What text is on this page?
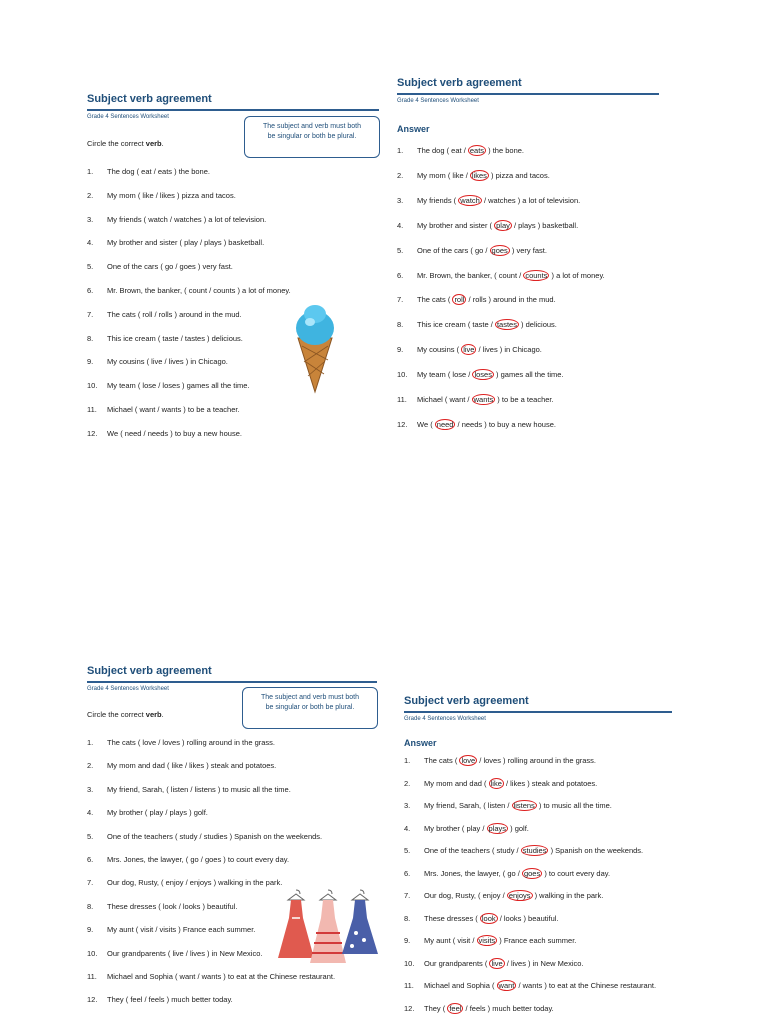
Subject verb agreement
Grade 4 Sentences Worksheet
Circle the correct verb.
The subject and verb must both
be singular or both be plural.
1. The dog ( eat / eats ) the bone.
2. My mom ( like / likes ) pizza and tacos.
3. My friends ( watch / watches ) a lot of television.
4. My brother and sister ( play / plays ) basketball.
5. One of the cars ( go / goes ) very fast.
6. Mr. Brown, the banker, ( count / counts ) a lot of money.
7. The cats ( roll / rolls ) around in the mud.
8. This ice cream ( taste / tastes ) delicious.
9. My cousins ( live / lives ) in Chicago.
10. My team ( lose / loses ) games all the time.
11. Michael ( want / wants ) to be a teacher.
12. We ( need / needs ) to buy a new house.
Subject verb agreement
Grade 4 Sentences Worksheet
Answer
1. The dog ( eat / eats ) the bone.
2. My mom ( like / likes ) pizza and tacos.
3. My friends ( watch / watches ) a lot of television.
4. My brother and sister ( play / plays ) basketball.
5. One of the cars ( go / goes ) very fast.
6. Mr. Brown, the banker, ( count / counts ) a lot of money.
7. The cats ( roll / rolls ) around in the mud.
8. This ice cream ( taste / tastes ) delicious.
9. My cousins ( live / lives ) in Chicago.
10. My team ( lose / loses ) games all the time.
11. Michael ( want / wants ) to be a teacher.
12. We ( need / needs ) to buy a new house.
Subject verb agreement
Grade 4 Sentences Worksheet
Circle the correct verb.
The subject and verb must both
be singular or both be plural.
1. The cats ( love / loves ) rolling around in the grass.
2. My mom and dad ( like / likes ) steak and potatoes.
3. My friend, Sarah, ( listen / listens ) to music all the time.
4. My brother ( play / plays ) golf.
5. One of the teachers ( study / studies ) Spanish on the weekends.
6. Mrs. Jones, the lawyer, ( go / goes ) to court every day.
7. Our dog, Rusty, ( enjoy / enjoys ) walking in the park.
8. These dresses ( look / looks ) beautiful.
9. My aunt ( visit / visits ) France each summer.
10. Our grandparents ( live / lives ) in New Mexico.
11. Michael and Sophia ( want / wants ) to eat at the Chinese restaurant.
12. They ( feel / feels ) much better today.
Subject verb agreement
Grade 4 Sentences Worksheet
Answer
1. The cats ( love / loves ) rolling around in the grass.
2. My mom and dad ( like / likes ) steak and potatoes.
3. My friend, Sarah, ( listen / listens ) to music all the time.
4. My brother ( play / plays ) golf.
5. One of the teachers ( study / studies ) Spanish on the weekends.
6. Mrs. Jones, the lawyer, ( go / goes ) to court every day.
7. Our dog, Rusty, ( enjoy / enjoys ) walking in the park.
8. These dresses ( look / looks ) beautiful.
9. My aunt ( visit / visits ) France each summer.
10. Our grandparents ( live / lives ) in New Mexico.
11. Michael and Sophia ( want / wants ) to eat at the Chinese restaurant.
12. They ( feel / feels ) much better today.
